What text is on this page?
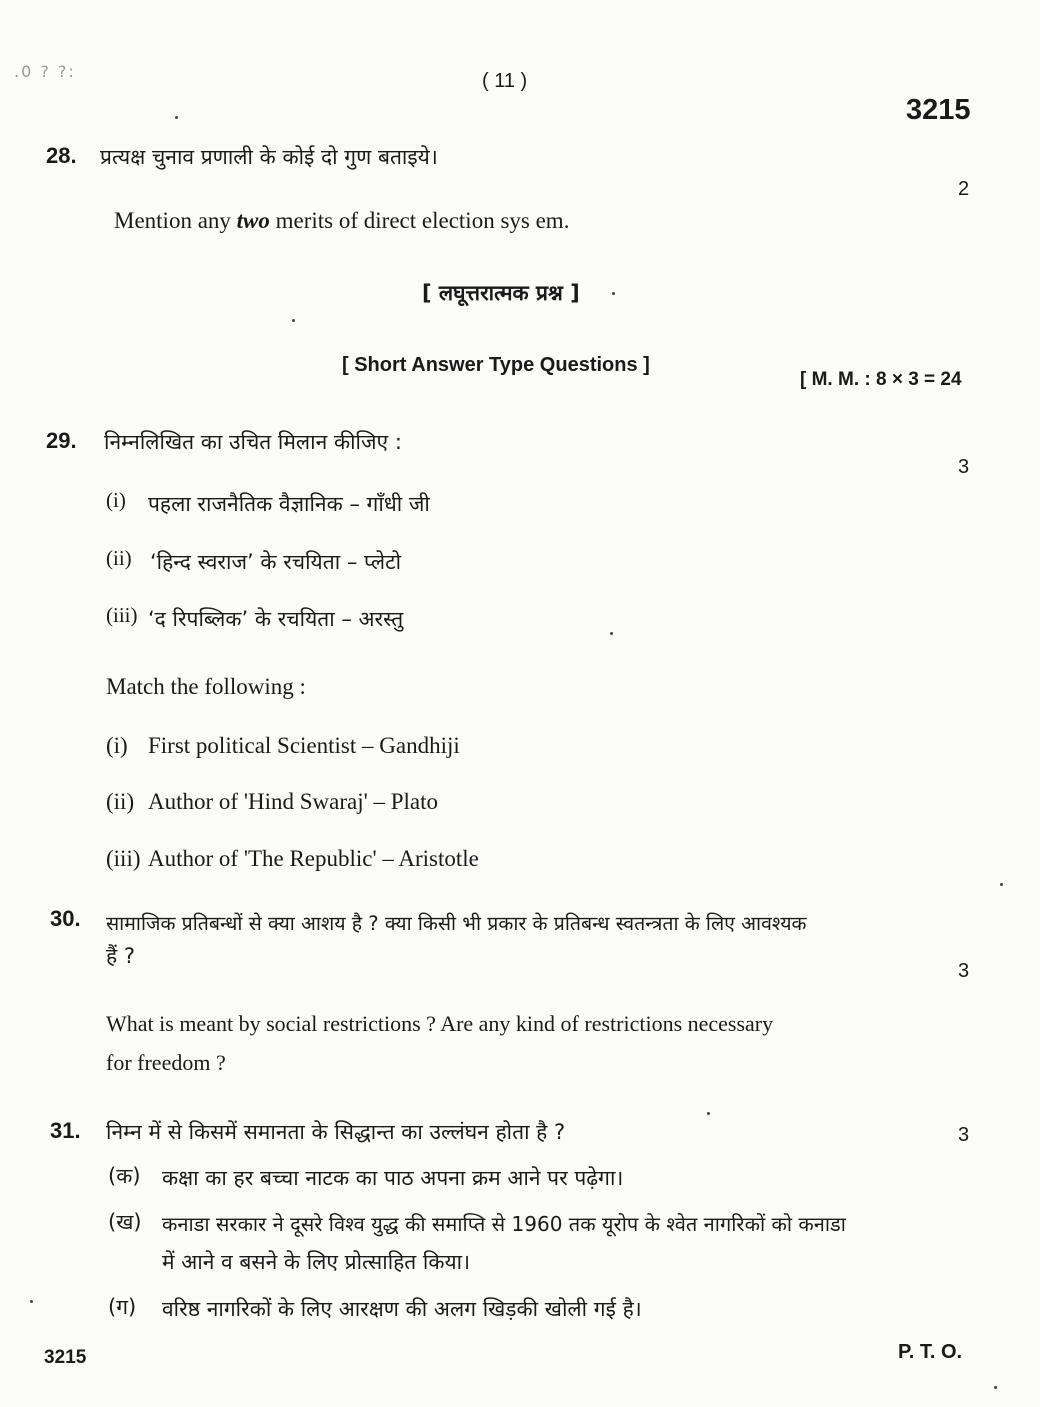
.0 ? ?:	( 11 )
3215
28. प्रत्यक्ष चुनाव प्रणाली के कोई दो गुण बताइये।
2
Mention any two merits of direct election sys em.
[ लघूत्तरात्मक प्रश्न ]
[ Short Answer Type Questions ]
[ M. M. : 8 × 3 = 24
29. निम्नलिखित का उचित मिलान कीजिए :
3
(i) पहला राजनैतिक वैज्ञानिक – गाँधी जी
(ii) ‘हिन्द स्वराज’ के रचयिता – प्लेटो
(iii) ‘द रिपब्लिक’ के रचयिता – अरस्तु
Match the following :
(i) First political Scientist – Gandhiji
(ii) Author of 'Hind Swaraj' – Plato
(iii) Author of 'The Republic' – Aristotle
30. सामाजिक प्रतिबन्धों से क्या आशय है ? क्या किसी भी प्रकार के प्रतिबन्ध स्वतन्त्रता के लिए आवश्यक
हैं ?
3
What is meant by social restrictions ? Are any kind of restrictions necessary
for freedom ?
31. निम्न में से किसमें समानता के सिद्धान्त का उल्लंघन होता है ?	3
(क) कक्षा का हर बच्चा नाटक का पाठ अपना क्रम आने पर पढ़ेगा।
(ख) कनाडा सरकार ने दूसरे विश्व युद्ध की समाप्ति से 1960 तक यूरोप के श्वेत नागरिकों को कनाडा
में आने व बसने के लिए प्रोत्साहित किया।
(ग) वरिष्ठ नागरिकों के लिए आरक्षण की अलग खिड़की खोली गई है।
3215	P. T. O.
